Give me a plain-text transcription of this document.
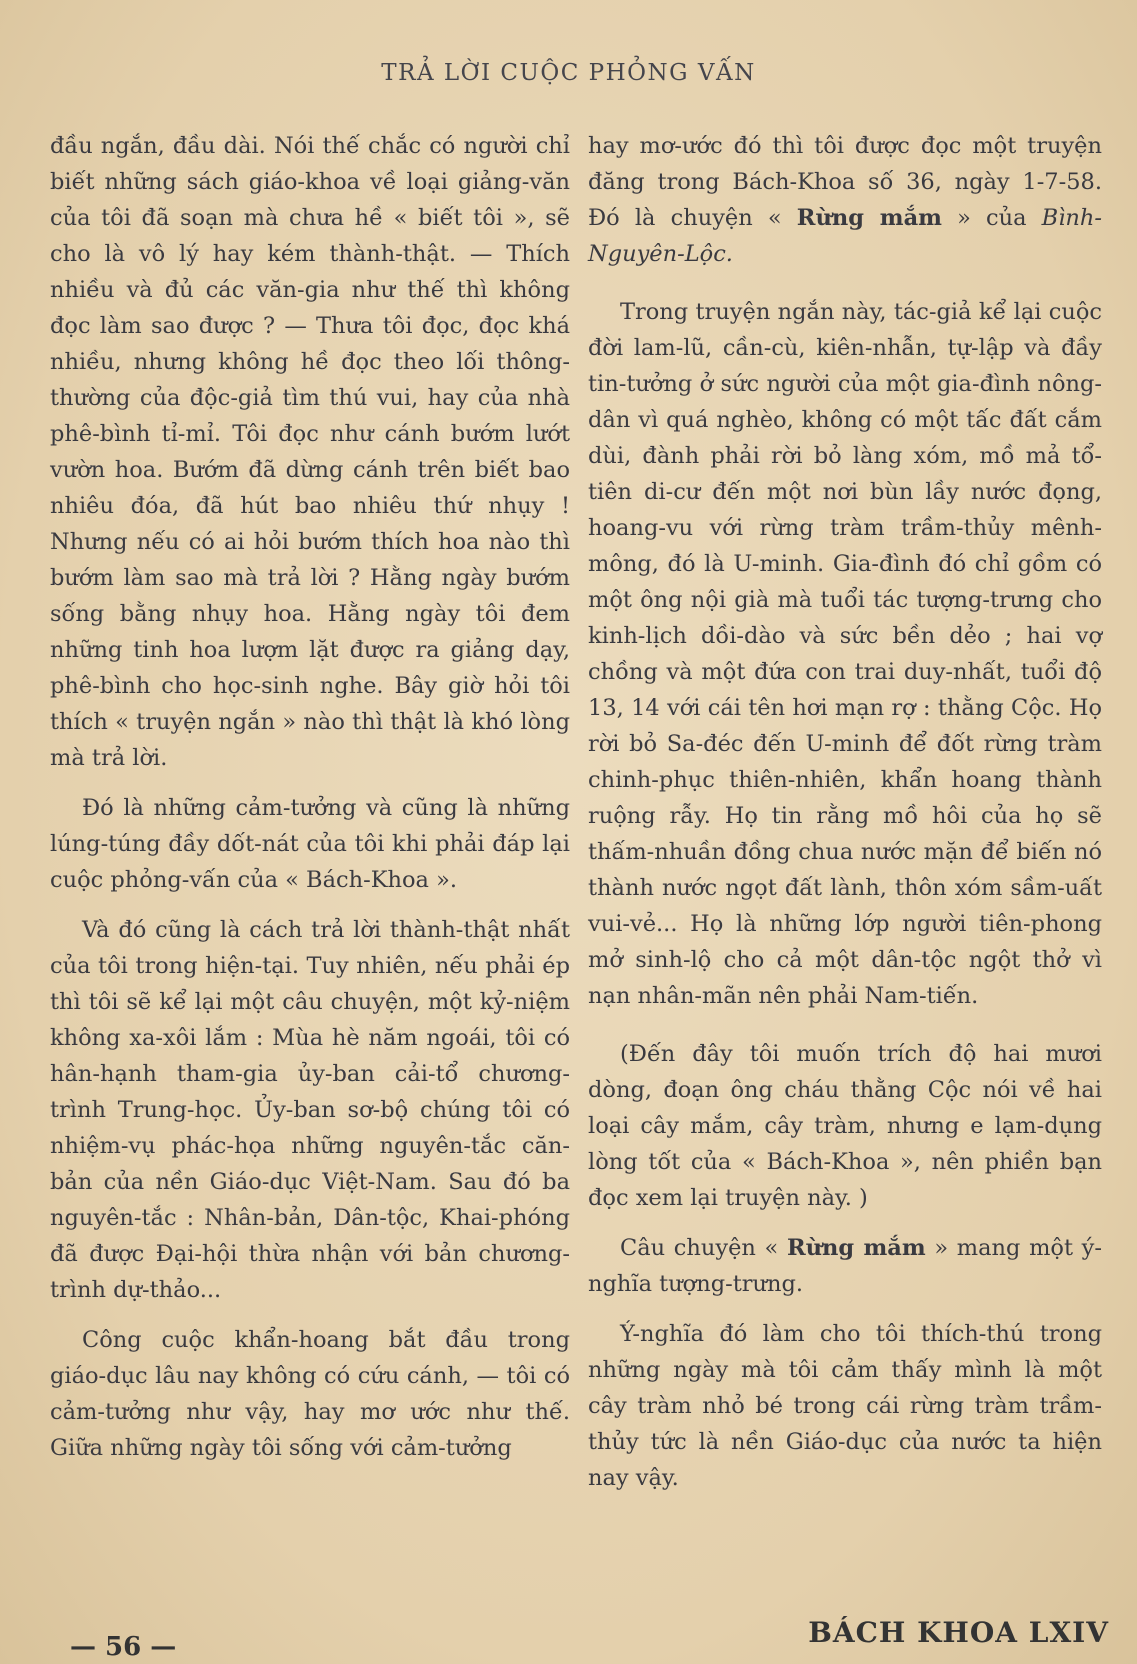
TRẢ LỜI CUỘC PHỎNG VẤN

đầu ngắn, đầu dài. Nói thế chắc có người chỉ biết những sách giáo-khoa về loại giảng-văn của tôi đã soạn mà chưa hề « biết tôi », sẽ cho là vô lý hay kém thành-thật. — Thích nhiều và đủ các văn-gia như thế thì không đọc làm sao được ? — Thưa tôi đọc, đọc khá nhiều, nhưng không hề đọc theo lối thông-thường của độc-giả tìm thú vui, hay của nhà phê-bình tỉ-mỉ. Tôi đọc như cánh bướm lướt vườn hoa. Bướm đã dừng cánh trên biết bao nhiêu đóa, đã hút bao nhiêu thứ nhụy ! Nhưng nếu có ai hỏi bướm thích hoa nào thì bướm làm sao mà trả lời ? Hằng ngày bướm sống bằng nhụy hoa. Hằng ngày tôi đem những tinh hoa lượm lặt được ra giảng dạy, phê-bình cho học-sinh nghe. Bây giờ hỏi tôi thích « truyện ngắn » nào thì thật là khó lòng mà trả lời.

Đó là những cảm-tưởng và cũng là những lúng-túng đầy dốt-nát của tôi khi phải đáp lại cuộc phỏng-vấn của « Bách-Khoa ».

Và đó cũng là cách trả lời thành-thật nhất của tôi trong hiện-tại. Tuy nhiên, nếu phải ép thì tôi sẽ kể lại một câu chuyện, một kỷ-niệm không xa-xôi lắm : Mùa hè năm ngoái, tôi có hân-hạnh tham-gia ủy-ban cải-tổ chương-trình Trung-học. Ủy-ban sơ-bộ chúng tôi có nhiệm-vụ phác-họa những nguyên-tắc căn-bản của nền Giáo-dục Việt-Nam. Sau đó ba nguyên-tắc : Nhân-bản, Dân-tộc, Khai-phóng đã được Đại-hội thừa nhận với bản chương-trình dự-thảo...

Công cuộc khẩn-hoang bắt đầu trong giáo-dục lâu nay không có cứu cánh, — tôi có cảm-tưởng như vậy, hay mơ ước như thế. Giữa những ngày tôi sống với cảm-tưởng

hay mơ-ước đó thì tôi được đọc một truyện đăng trong Bách-Khoa số 36, ngày 1-7-58. Đó là chuyện « Rừng mắm » của Bình-Nguyên-Lộc.

Trong truyện ngắn này, tác-giả kể lại cuộc đời lam-lũ, cần-cù, kiên-nhẫn, tự-lập và đầy tin-tưởng ở sức người của một gia-đình nông-dân vì quá nghèo, không có một tấc đất cắm dùi, đành phải rời bỏ làng xóm, mồ mả tổ-tiên di-cư đến một nơi bùn lầy nước đọng, hoang-vu với rừng tràm trầm-thủy mênh-mông, đó là U-minh. Gia-đình đó chỉ gồm có một ông nội già mà tuổi tác tượng-trưng cho kinh-lịch dồi-dào và sức bền dẻo ; hai vợ chồng và một đứa con trai duy-nhất, tuổi độ 13, 14 với cái tên hơi mạn rợ : thằng Cộc. Họ rời bỏ Sa-đéc đến U-minh để đốt rừng tràm chinh-phục thiên-nhiên, khẩn hoang thành ruộng rẫy. Họ tin rằng mồ hôi của họ sẽ thấm-nhuần đồng chua nước mặn để biến nó thành nước ngọt đất lành, thôn xóm sầm-uất vui-vẻ... Họ là những lớp người tiên-phong mở sinh-lộ cho cả một dân-tộc ngột thở vì nạn nhân-mãn nên phải Nam-tiến.

(Đến đây tôi muốn trích độ hai mươi dòng, đoạn ông cháu thằng Cộc nói về hai loại cây mắm, cây tràm, nhưng e lạm-dụng lòng tốt của « Bách-Khoa », nên phiền bạn đọc xem lại truyện này. )

Câu chuyện « Rừng mắm » mang một ý-nghĩa tượng-trưng.

Ý-nghĩa đó làm cho tôi thích-thú trong những ngày mà tôi cảm thấy mình là một cây tràm nhỏ bé trong cái rừng tràm trầm-thủy tức là nền Giáo-dục của nước ta hiện nay vậy.

— 56 —	BÁCH KHOA LXIV
